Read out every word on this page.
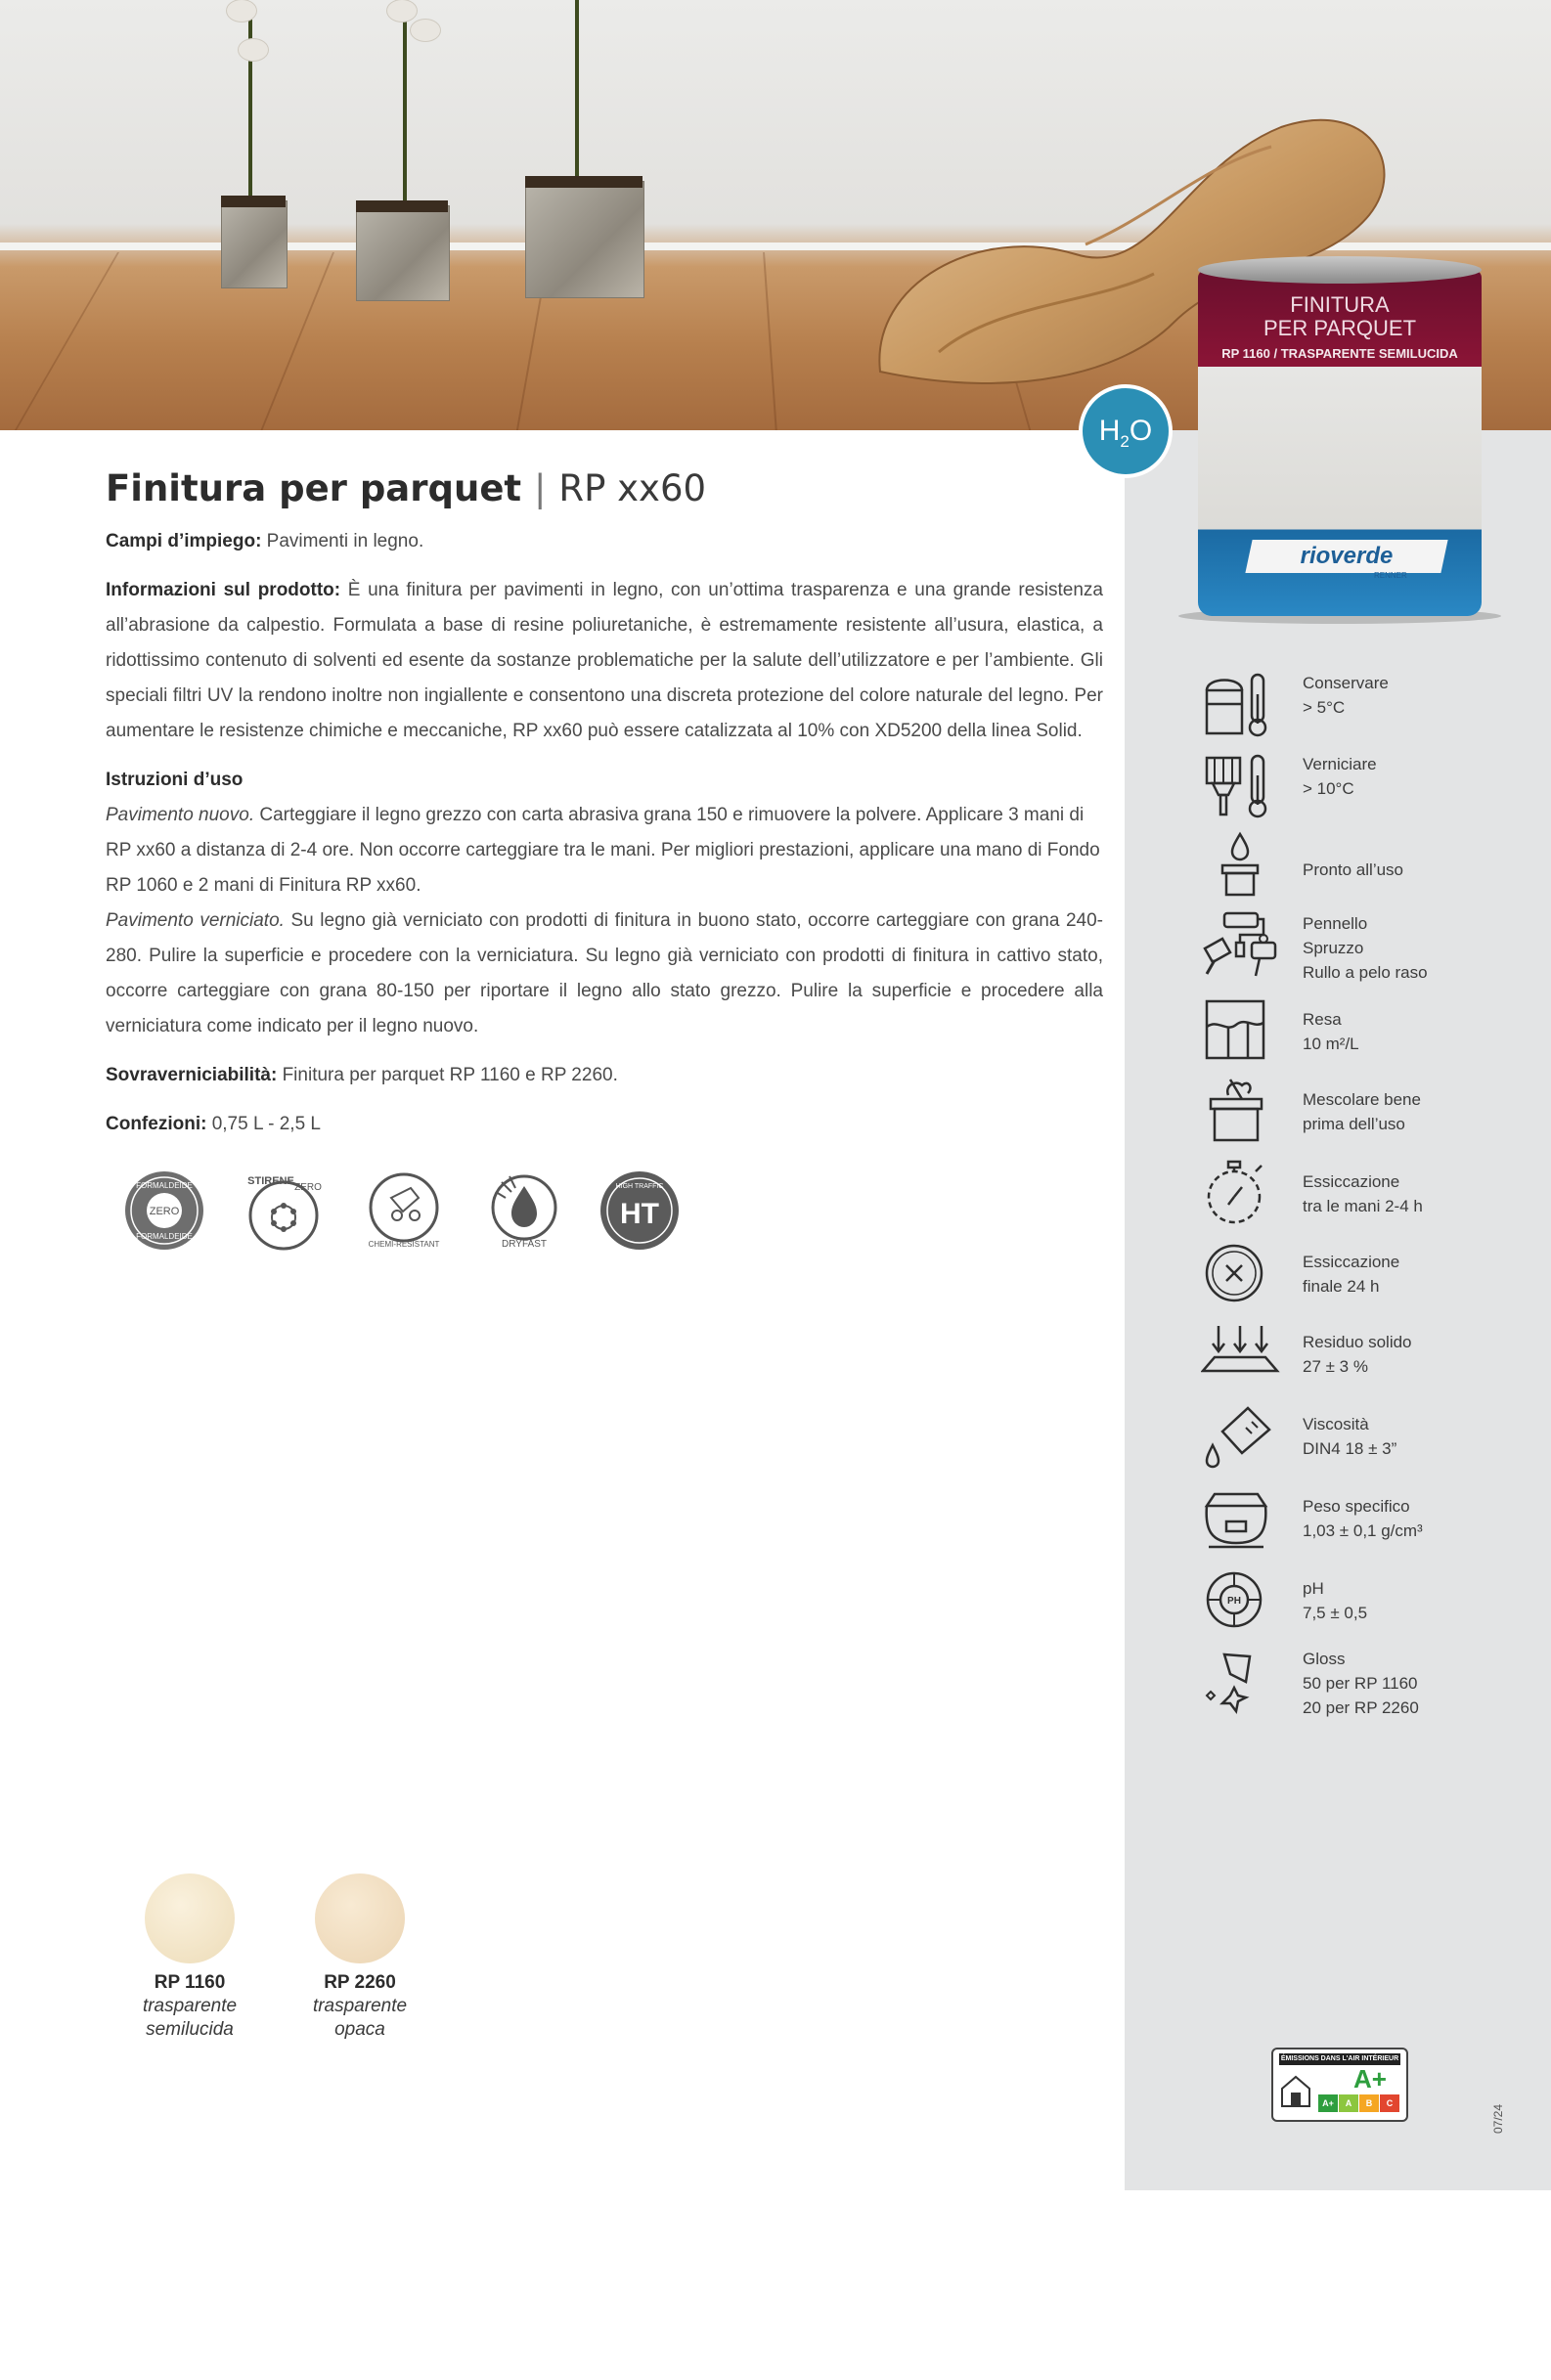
FINITURA
PER PARQUET
RP 1160 / TRASPARENTE SEMILUCIDA
rioverde
RENNER
$H_2O$
Finitura per parquet | RP xx60

Campi d’impiego: Pavimenti in legno.

Informazioni sul prodotto: È una finitura per pavimenti in legno, con un’ottima trasparenza e una grande resistenza all’abrasione da calpestio. Formulata a base di resine poliuretaniche, è estremamente resistente all’usura, elastica, a ridottissimo contenuto di solventi ed esente da sostanze problematiche per la salute dell’utilizzatore e per l’ambiente. Gli speciali filtri UV la rendono inoltre non ingiallente e consentono una discreta protezione del colore naturale del legno. Per aumentare le resistenze chimiche e meccaniche, RP xx60 può essere catalizzata al 10% con XD5200 della linea Solid.

Istruzioni d’uso

Pavimento nuovo. Carteggiare il legno grezzo con carta abrasiva grana 150 e rimuovere la polvere. Applicare 3 mani di RP xx60 a distanza di 2-4 ore. Non occorre carteggiare tra le mani. Per migliori prestazioni, applicare una mano di Fondo RP 1060 e 2 mani di Finitura RP xx60.

Pavimento verniciato. Su legno già verniciato con prodotti di finitura in buono stato, occorre carteggiare con grana 240-280. Pulire la superficie e procedere con la verniciatura. Su legno già verniciato con prodotti di finitura in cattivo stato, occorre carteggiare con grana 80-150 per riportare il legno allo stato grezzo. Pulire la superficie e procedere alla verniciatura come indicato per il legno nuovo.

Sovraverniciabilità: Finitura per parquet RP 1160 e RP 2260.

Confezioni: 0,75 L - 2,5 L

FORMALDEIDE
ZERO
FORMALDEIDE
STIRENE
ZERO
CHEMI-RESISTANT	DRYFAST
HIGH TRAFFIC
HT
Conservare
> 5°C
Verniciare
> 10°C
Pronto all’uso
Pennello
Spruzzo
Rullo a pelo raso
Resa
10 m²/L
Mescolare bene
prima dell’uso
Essiccazione
tra le mani 2-4 h
Essiccazione
finale 24 h
Residuo solido
27 ± 3 %
Viscosità
DIN4 18 ± 3”
Peso specifico
1,03 ± 0,1 g/cm³
PH
pH
7,5 ± 0,5
Gloss
50 per RP 1160
20 per RP 2260
RP 1160
trasparente
semilucida
RP 2260
trasparente
opaca
ÉMISSIONS DANS L'AIR INTÉRIEUR
A+
A+	A	B	C
07/24
